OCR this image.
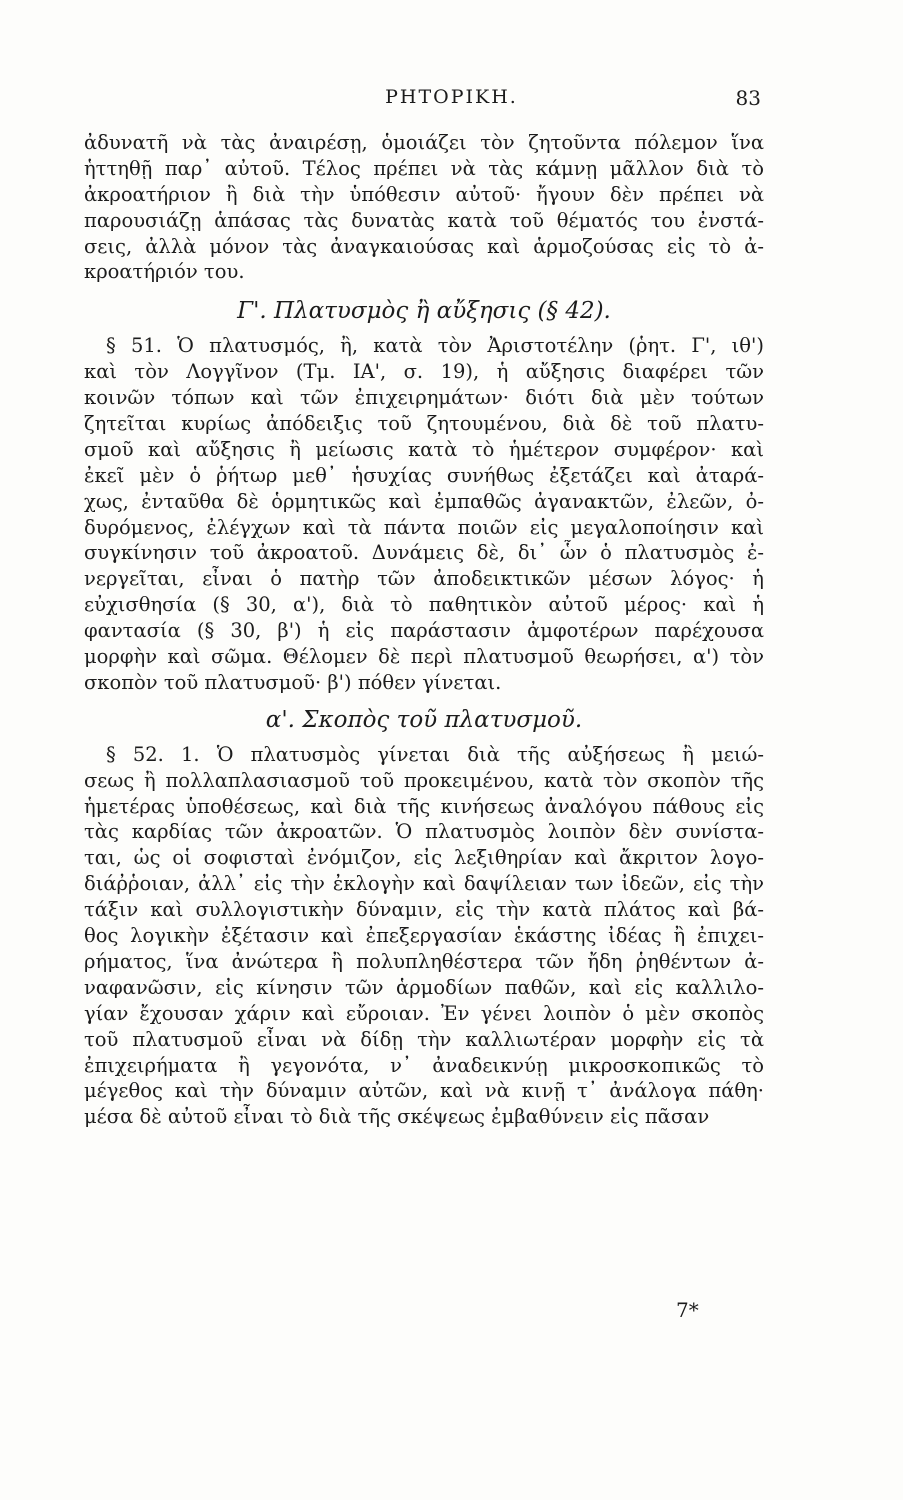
ΡΗΤΟΡΙΚΗ.	83
ἀδυνατῆ νὰ τὰς ἀναιρέσῃ, ὁμοιάζει τὸν ζητοῦντα πόλεμον ἵνα
ἡττηθῇ παρ᾽ αὐτοῦ. Τέλος πρέπει νὰ τὰς κάμνῃ μᾶλλον διὰ τὸ
ἀκροατήριον ἢ διὰ τὴν ὑπόθεσιν αὐτοῦ· ἤγουν δὲν πρέπει νὰ
παρουσιάζῃ ἁπάσας τὰς δυνατὰς κατὰ τοῦ θέματός του ἐνστά-
σεις, ἀλλὰ μόνον τὰς ἀναγκαιούσας καὶ ἁρμοζούσας εἰς τὸ ἀ-
κροατήριόν του.
Γ'. Πλατυσμὸς ἢ αὔξησις (§ 42).
§ 51. Ὁ πλατυσμός, ἢ, κατὰ τὸν Ἀριστοτέλην (ῥητ. Γ', ιθ')
καὶ τὸν Λογγῖνον (Τμ. ΙΑ', σ. 19), ἡ αὔξησις διαφέρει τῶν
κοινῶν τόπων καὶ τῶν ἐπιχειρημάτων· διότι διὰ μὲν τούτων
ζητεῖται κυρίως ἀπόδειξις τοῦ ζητουμένου, διὰ δὲ τοῦ πλατυ-
σμοῦ καὶ αὔξησις ἢ μείωσις κατὰ τὸ ἡμέτερον συμφέρον· καὶ
ἐκεῖ μὲν ὁ ῥήτωρ μεθ᾽ ἡσυχίας συνήθως ἐξετάζει καὶ ἀταρά-
χως, ἐνταῦθα δὲ ὁρμητικῶς καὶ ἐμπαθῶς ἀγανακτῶν, ἐλεῶν, ὀ-
δυρόμενος, ἐλέγχων καὶ τὰ πάντα ποιῶν εἰς μεγαλοποίησιν καὶ
συγκίνησιν τοῦ ἀκροατοῦ. Δυνάμεις δὲ, δι᾽ ὧν ὁ πλατυσμὸς ἐ-
νεργεῖται, εἶναι ὁ πατὴρ τῶν ἀποδεικτικῶν μέσων λόγος· ἡ
εὐχισθησία (§ 30, α'), διὰ τὸ παθητικὸν αὐτοῦ μέρος· καὶ ἡ
φαντασία (§ 30, β') ἡ εἰς παράστασιν ἀμφοτέρων παρέχουσα
μορφὴν καὶ σῶμα. Θέλομεν δὲ περὶ πλατυσμοῦ θεωρήσει, α') τὸν
σκοπὸν τοῦ πλατυσμοῦ· β') πόθεν γίνεται.
α'. Σκοπὸς τοῦ πλατυσμοῦ.
§ 52. 1. Ὁ πλατυσμὸς γίνεται διὰ τῆς αὐξήσεως ἢ μειώ-
σεως ἢ πολλαπλασιασμοῦ τοῦ προκειμένου, κατὰ τὸν σκοπὸν τῆς
ἡμετέρας ὑποθέσεως, καὶ διὰ τῆς κινήσεως ἀναλόγου πάθους εἰς
τὰς καρδίας τῶν ἀκροατῶν. Ὁ πλατυσμὸς λοιπὸν δὲν συνίστα-
ται, ὡς οἱ σοφισταὶ ἐνόμιζον, εἰς λεξιθηρίαν καὶ ἄκριτον λογο-
διάῤῥοιαν, ἀλλ᾽ εἰς τὴν ἐκλογὴν καὶ δαψίλειαν των ἰδεῶν, εἰς τὴν
τάξιν καὶ συλλογιστικὴν δύναμιν, εἰς τὴν κατὰ πλάτος καὶ βά-
θος λογικὴν ἐξέτασιν καὶ ἐπεξεργασίαν ἑκάστης ἰδέας ἢ ἐπιχει-
ρήματος, ἵνα ἀνώτερα ἢ πολυπληθέστερα τῶν ἤδη ῥηθέντων ἀ-
ναφανῶσιν, εἰς κίνησιν τῶν ἁρμοδίων παθῶν, καὶ εἰς καλλιλο-
γίαν ἔχουσαν χάριν καὶ εὔροιαν. Ἐν γένει λοιπὸν ὁ μὲν σκοπὸς
τοῦ πλατυσμοῦ εἶναι νὰ δίδῃ τὴν καλλιωτέραν μορφὴν εἰς τὰ
ἐπιχειρήματα ἢ γεγονότα, ν᾽ ἀναδεικνύῃ μικροσκοπικῶς τὸ
μέγεθος καὶ τὴν δύναμιν αὐτῶν, καὶ νὰ κινῇ τ᾽ ἀνάλογα πάθη·
μέσα δὲ αὐτοῦ εἶναι τὸ διὰ τῆς σκέψεως ἐμβαθύνειν εἰς πᾶσαν
7*
